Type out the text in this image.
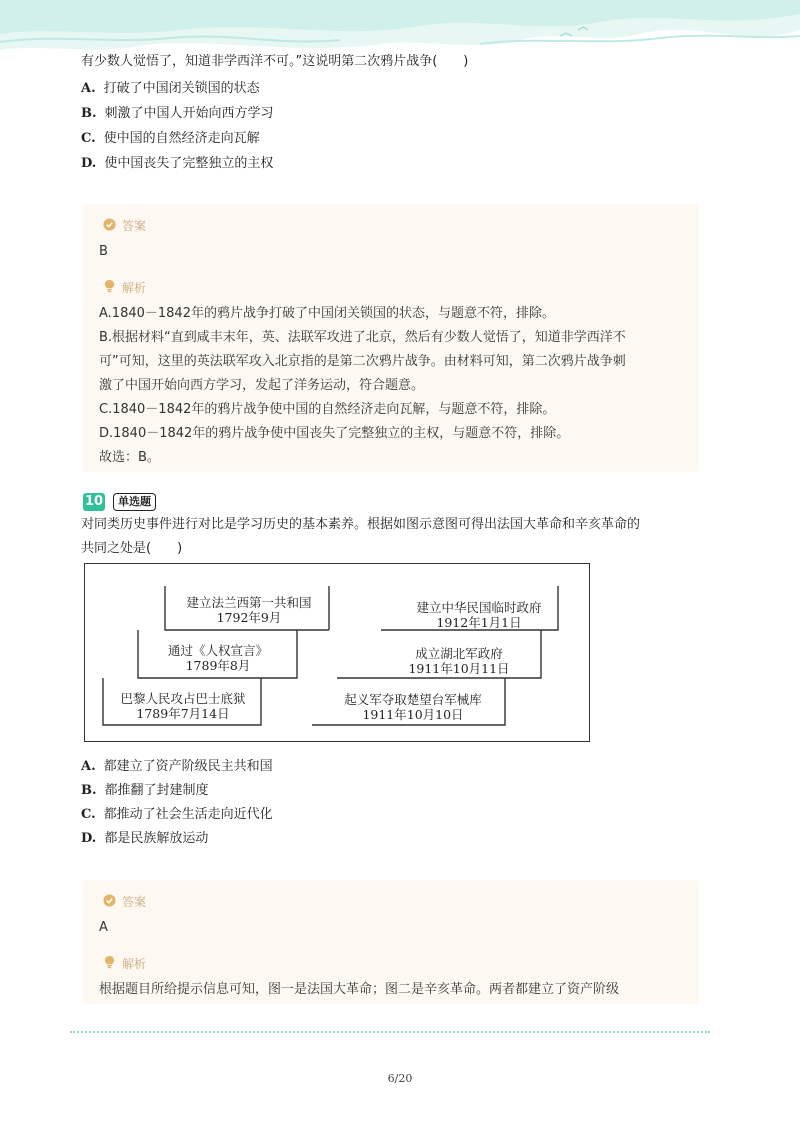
有少数人觉悟了，知道非学西洋不可。”这说明第二次鸦片战争(　　)
A. 打破了中国闭关锁国的状态
B. 刺激了中国人开始向西方学习
C. 使中国的自然经济走向瓦解
D. 使中国丧失了完整独立的主权
答案
B
解析
A.1840－1842年的鸦片战争打破了中国闭关锁国的状态，与题意不符，排除。
B.根据材料“直到咸丰末年，英、法联军攻进了北京，然后有少数人觉悟了，知道非学西洋不
可”可知，这里的英法联军攻入北京指的是第二次鸦片战争。由材料可知，第二次鸦片战争刺
激了中国开始向西方学习，发起了洋务运动，符合题意。
C.1840－1842年的鸦片战争使中国的自然经济走向瓦解，与题意不符，排除。
D.1840－1842年的鸦片战争使中国丧失了完整独立的主权，与题意不符，排除。
故选：B。
10	单选题
对同类历史事件进行对比是学习历史的基本素养。根据如图示意图可得出法国大革命和辛亥革命的
共同之处是(　　)
建立法兰西第一共和国
1792年9月
通过《人权宣言》
1789年8月
巴黎人民攻占巴士底狱
1789年7月14日
建立中华民国临时政府
1912年1月1日
成立湖北军政府
1911年10月11日
起义军夺取楚望台军械库
1911年10月10日
A. 都建立了资产阶级民主共和国
B. 都推翻了封建制度
C. 都推动了社会生活走向近代化
D. 都是民族解放运动
答案
A
解析
根据题目所给提示信息可知，图一是法国大革命；图二是辛亥革命。两者都建立了资产阶级
6/20
